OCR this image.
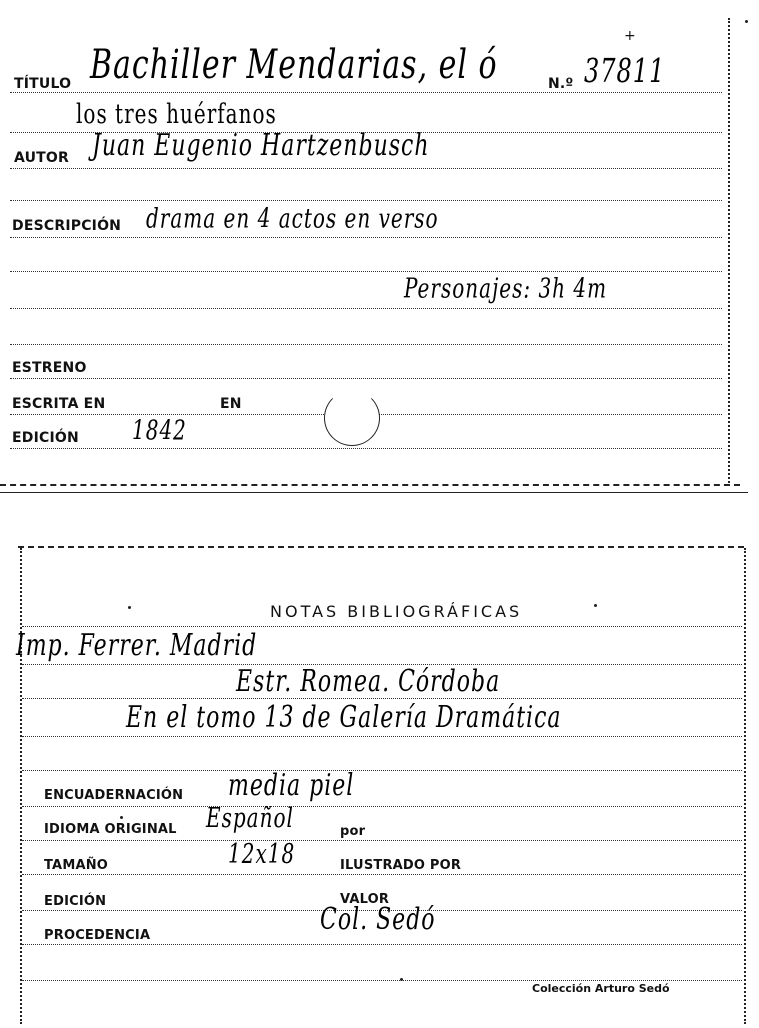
+
TÍTULO Bachiller Mendarias, el ó	N.º 37811
los tres huérfanos
AUTOR Juan Eugenio Hartzenbusch
DESCRIPCIÓN drama en 4 actos en verso
Personajes: 3h 4m
ESTRENO
ESCRITA EN	EN
EDICIÓN	1842
NOTAS BIBLIOGRÁFICAS
Imp. Ferrer. Madrid
Estr. Romea. Córdoba
En el tomo 13 de Galería Dramática
ENCUADERNACIÓN media piel
IDIOMA ORIGINAL Español	por
TAMAÑO	12x18	ILUSTRADO POR
EDICIÓN	VALOR
PROCEDENCIA	Col. Sedó
Colección Arturo Sedó
